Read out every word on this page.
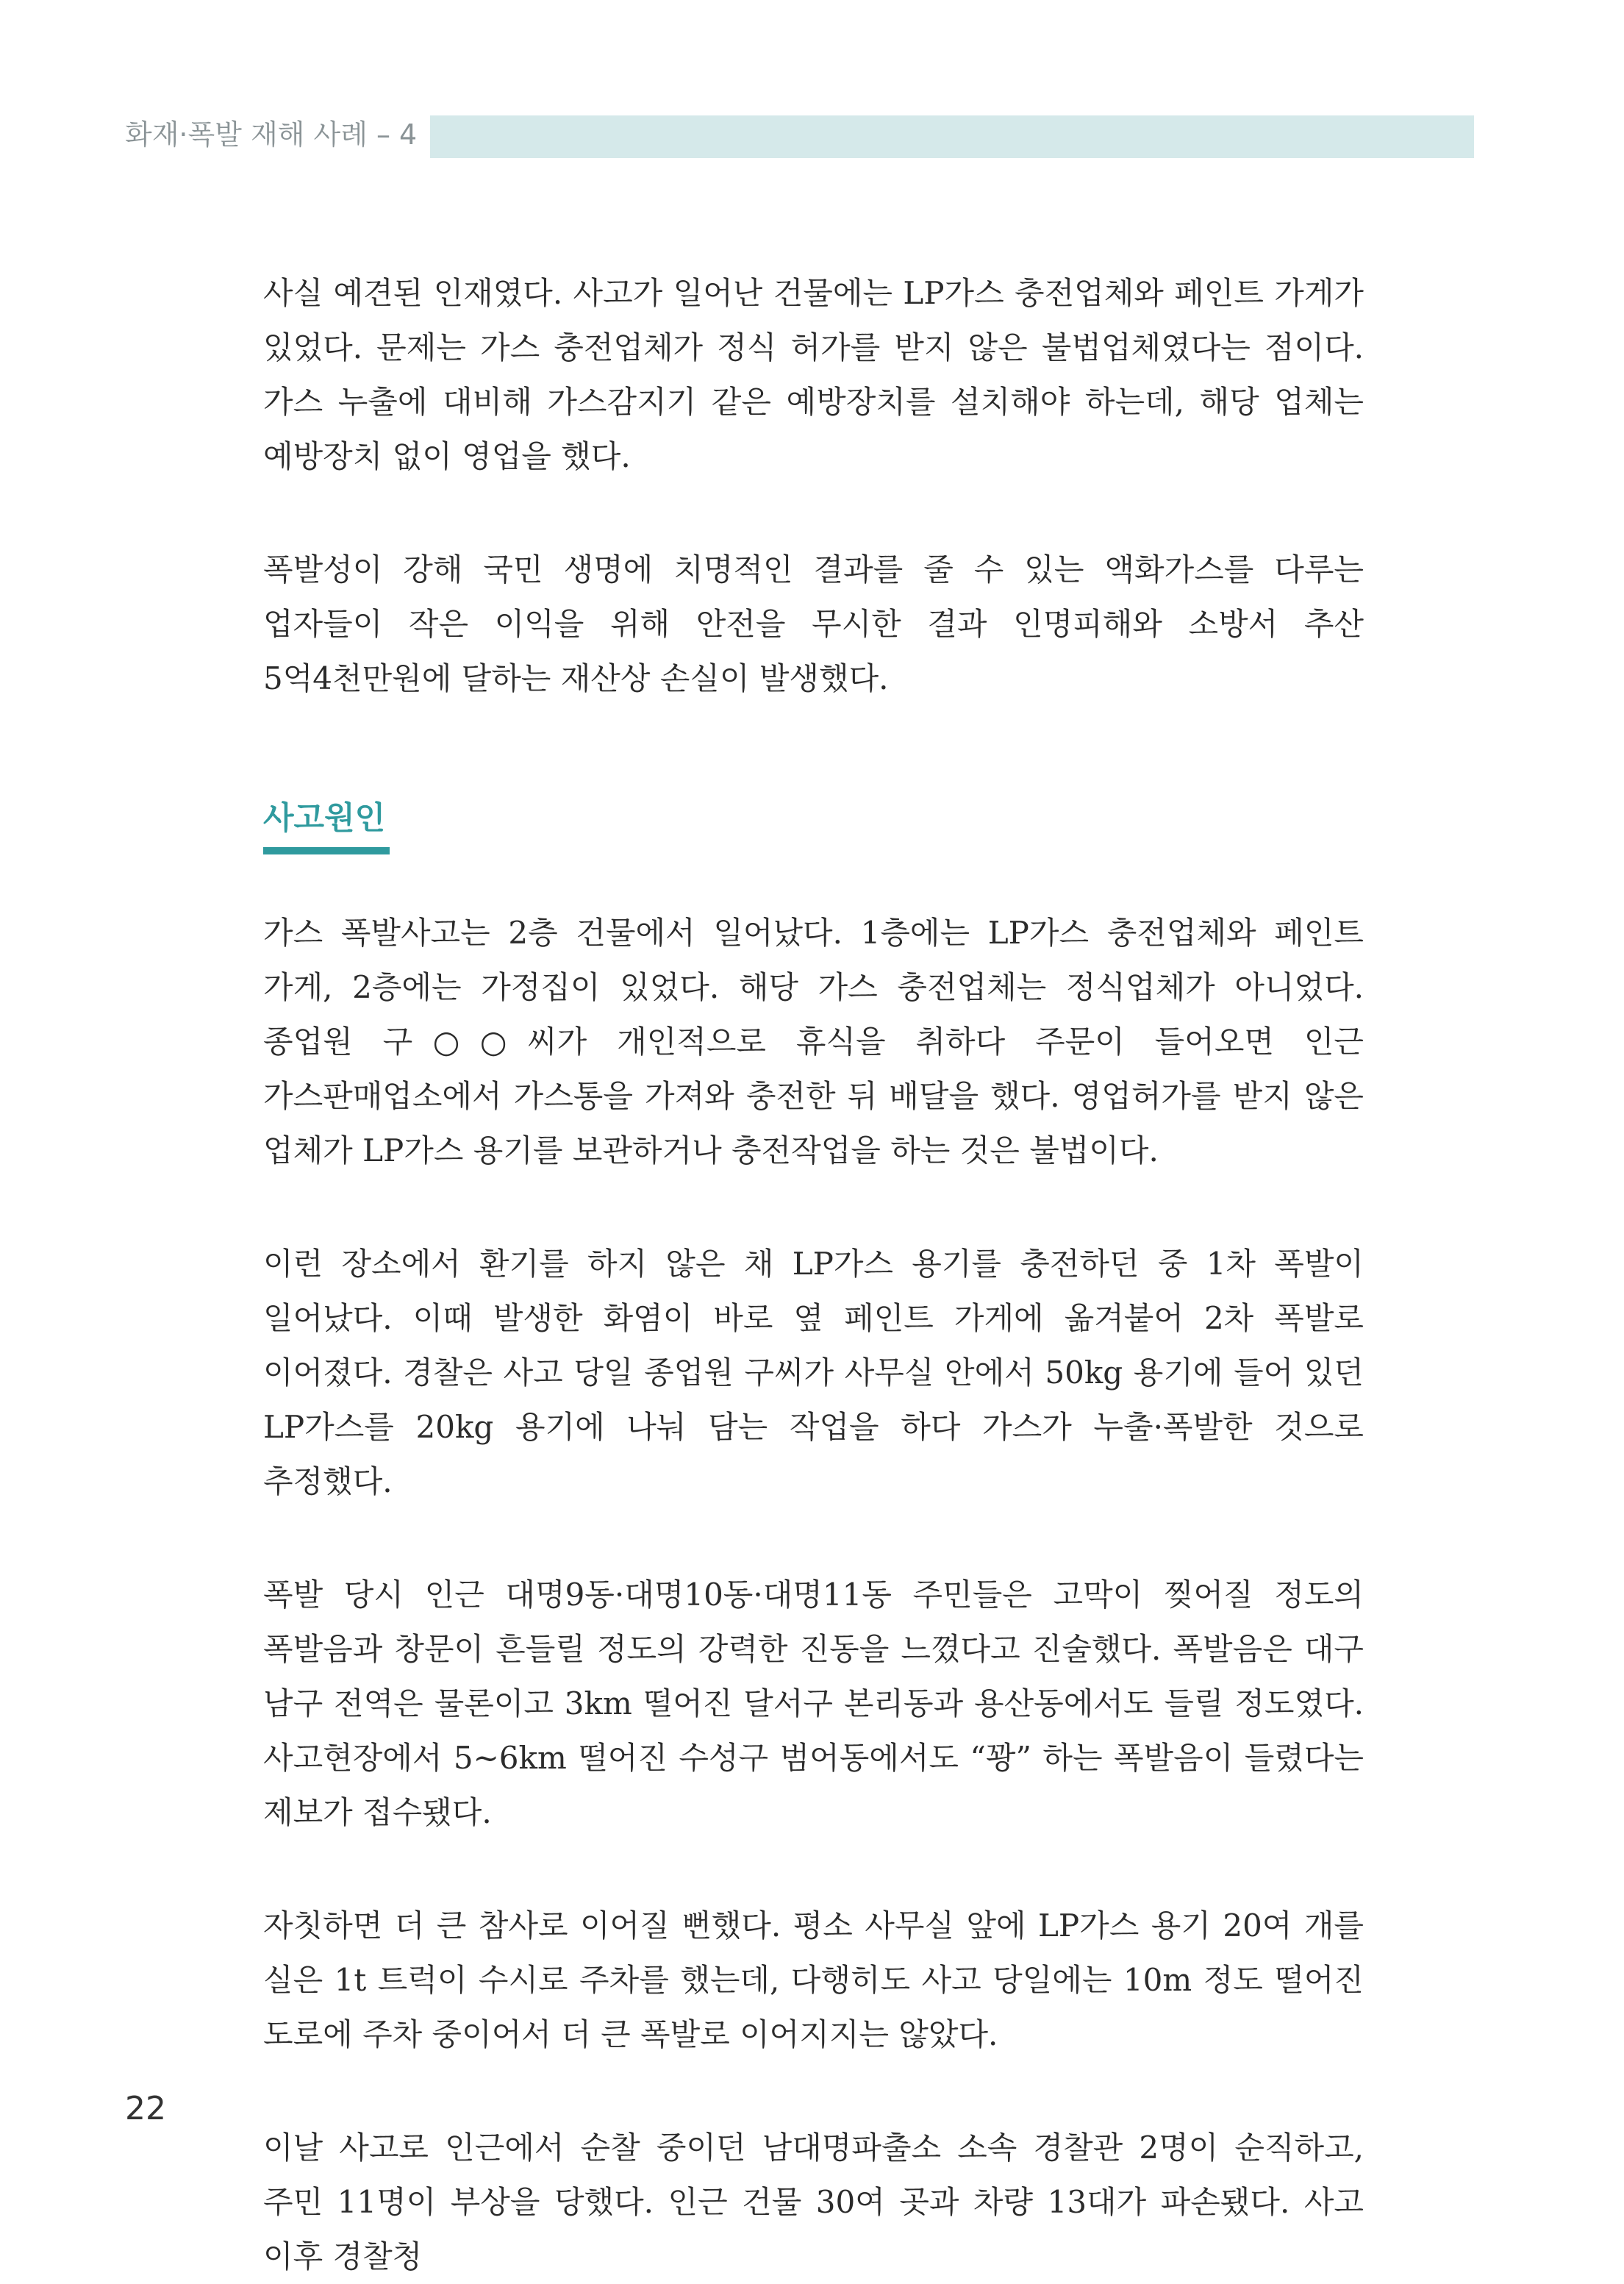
화재·폭발 재해 사례 – 4

사실 예견된 인재였다. 사고가 일어난 건물에는 LP가스 충전업체와 페인트 가게가 있었다. 문제는 가스 충전업체가 정식 허가를 받지 않은 불법업체였다는 점이다. 가스 누출에 대비해 가스감지기 같은 예방장치를 설치해야 하는데, 해당 업체는 예방장치 없이 영업을 했다.

폭발성이 강해 국민 생명에 치명적인 결과를 줄 수 있는 액화가스를 다루는 업자들이 작은 이익을 위해 안전을 무시한 결과 인명피해와 소방서 추산 5억4천만원에 달하는 재산상 손실이 발생했다.

사고원인

가스 폭발사고는 2층 건물에서 일어났다. 1층에는 LP가스 충전업체와 페인트 가게, 2층에는 가정집이 있었다. 해당 가스 충전업체는 정식업체가 아니었다. 종업원 구○○씨가 개인적으로 휴식을 취하다 주문이 들어오면 인근 가스판매업소에서 가스통을 가져와 충전한 뒤 배달을 했다. 영업허가를 받지 않은 업체가 LP가스 용기를 보관하거나 충전작업을 하는 것은 불법이다.

이런 장소에서 환기를 하지 않은 채 LP가스 용기를 충전하던 중 1차 폭발이 일어났다. 이때 발생한 화염이 바로 옆 페인트 가게에 옮겨붙어 2차 폭발로 이어졌다. 경찰은 사고 당일 종업원 구씨가 사무실 안에서 50kg 용기에 들어 있던 LP가스를 20kg 용기에 나눠 담는 작업을 하다 가스가 누출·폭발한 것으로 추정했다.

폭발 당시 인근 대명9동·대명10동·대명11동 주민들은 고막이 찢어질 정도의 폭발음과 창문이 흔들릴 정도의 강력한 진동을 느꼈다고 진술했다. 폭발음은 대구 남구 전역은 물론이고 3km 떨어진 달서구 본리동과 용산동에서도 들릴 정도였다. 사고현장에서 5~6km 떨어진 수성구 범어동에서도 “꽝” 하는 폭발음이 들렸다는 제보가 접수됐다.

자칫하면 더 큰 참사로 이어질 뻔했다. 평소 사무실 앞에 LP가스 용기 20여 개를 실은 1t 트럭이 수시로 주차를 했는데, 다행히도 사고 당일에는 10m 정도 떨어진 도로에 주차 중이어서 더 큰 폭발로 이어지지는 않았다.

이날 사고로 인근에서 순찰 중이던 남대명파출소 소속 경찰관 2명이 순직하고, 주민 11명이 부상을 당했다. 인근 건물 30여 곳과 차량 13대가 파손됐다. 사고 이후 경찰청

22
